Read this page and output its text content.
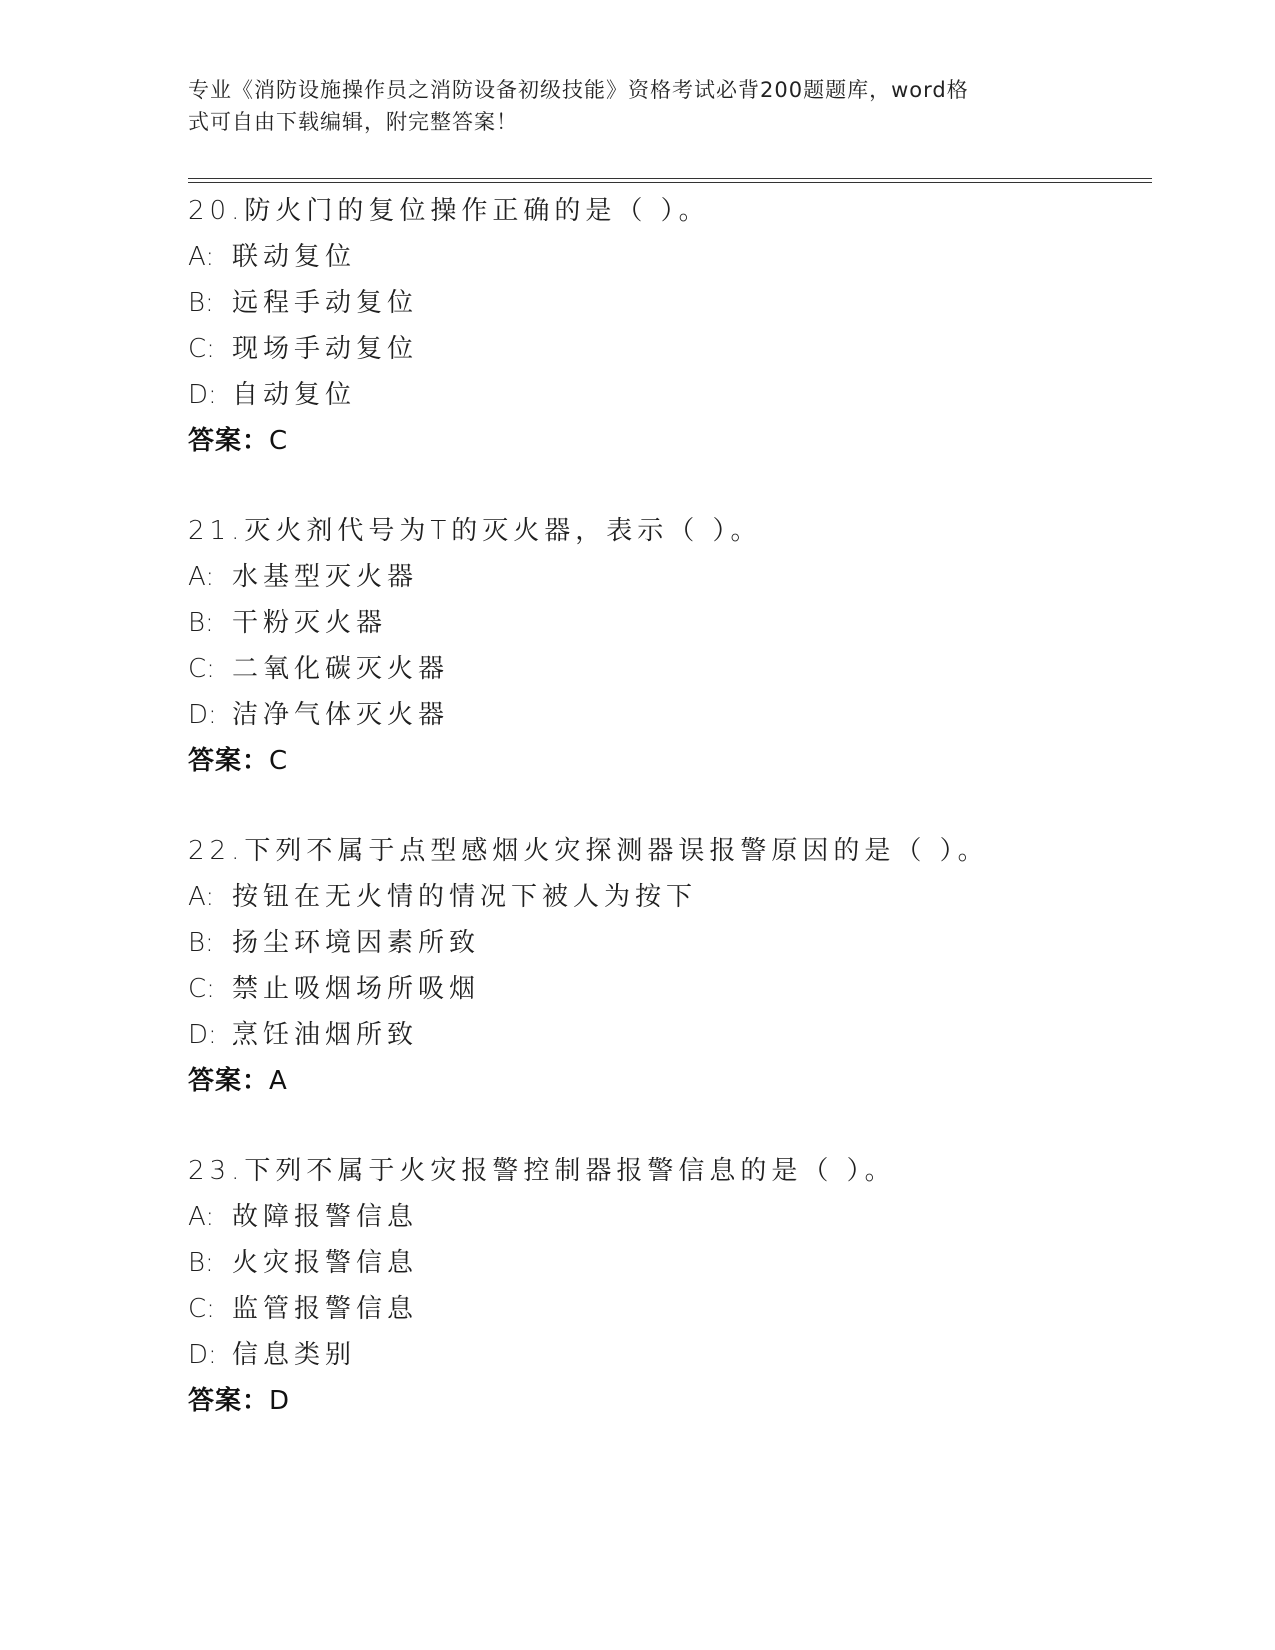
专业《消防设施操作员之消防设备初级技能》资格考试必背200题题库，word格
式可自由下载编辑，附完整答案！
20.防火门的复位操作正确的是（ ）。
A: 联动复位
B: 远程手动复位
C: 现场手动复位
D: 自动复位
答案：C
21.灭火剂代号为T的灭火器，表示（ ）。
A: 水基型灭火器
B: 干粉灭火器
C: 二氧化碳灭火器
D: 洁净气体灭火器
答案：C
22.下列不属于点型感烟火灾探测器误报警原因的是（ ）。
A: 按钮在无火情的情况下被人为按下
B: 扬尘环境因素所致
C: 禁止吸烟场所吸烟
D: 烹饪油烟所致
答案：A
23.下列不属于火灾报警控制器报警信息的是（ ）。
A: 故障报警信息
B: 火灾报警信息
C: 监管报警信息
D: 信息类别
答案：D
